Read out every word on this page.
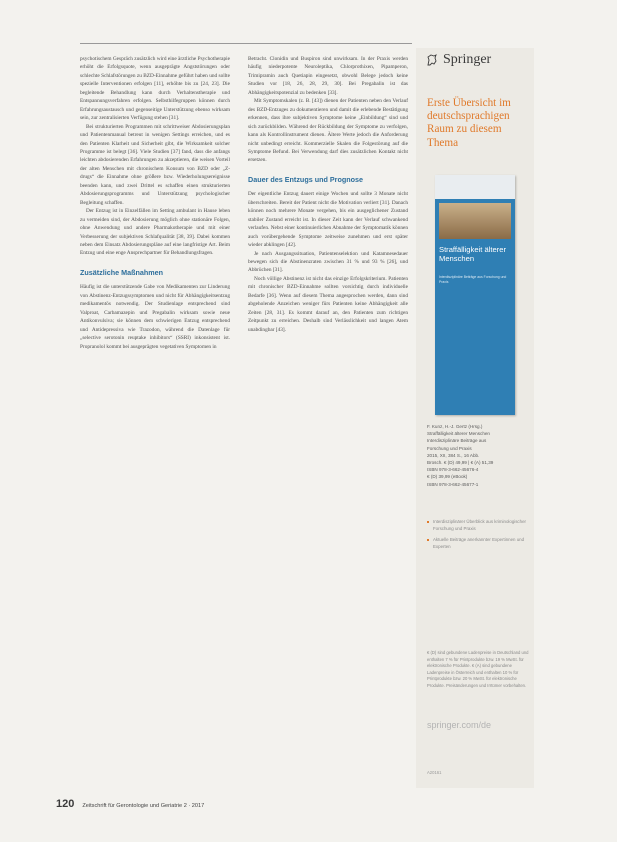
psychotischem Gespräch zusätzlich wird eine ärztliche Psychotherapie erhöht die Erfolgsquote, wenn ausgeprägte Angststörungen oder schlechte Schlafstörungen zu BZD-Einnahme geführt haben und sollte spezielle Interventionen erfolgen [11], erhöhte bis zu [24, 23]. Die begleitende Behandlung kann durch Verhaltenstherapie und Entspannungsverfahren erfolgen. Selbsthilfegruppen können durch Erfahrungsaustausch und gegenseitige Unterstützung ebenso wirksam sein, zur zentralisierten Verfügung stehen [31].

Bei strukturierten Programmen mit schrittweiser Abdosierungsplan und Patientenmanual betreut in wenigen Settings erreichen, und es den Patienten Klarheit und Sicherheit gibt, die Wirksamkeit solcher Programme ist belegt [36]. Viele Studien [37] fand, dass die anfangs leichten abdosierenden Erfahrungen zu akzeptieren, die weisen Vorteil der alten Menschen mit chronischem Konsum von BZD oder „Z-drugs“ die Einnahme ohne größere bzw. Wiederholungsereignisse beenden kann, und zwei Drittel es schaffen einen strukturierten Abdosierungsprogramms und Unterstützung psychologischer Begleitung schaffen.

Der Entzug ist in Einzelfällen im Setting ambulant in Hause leben zu vermeiden sind, der Abdosierung möglich ohne stationäre Folgen, ohne Anwendung und andere Pharmakotherapie und mit einer Verbesserung der subjektiven Schlafqualität [38, 39]. Dabei kommen neben dem Einsatz Abdosierungspläne auf eine langfristige Art. Beim Entzug und eine enge Ansprechpartner für Behandlungsfragen.

Zusätzliche Maßnahmen

Häufig ist die unterstützende Gabe von Medikamenten zur Linderung von Abstinenz-Entzugssymptomen und nicht für Abhängigkeitsentzug medikamentös notwendig. Der Studienlage entsprechend sind Valproat, Carbamazepin und Pregabalin wirksam sowie neue Antikonvulsiva; sie können dem schwierigen Entzug entsprechend und Antidepressiva wie Trazodon, während die Datenlage für „selective serotonin reuptake inhibitors“ (SSRI) inkonsistent ist. Propranolol kommt bei ausgeprägten vegetativen Symptomen in

Betracht. Clonidin und Buspiron sind unwirksam. In der Praxis werden häufig niederpotente Neuroleptika, Chlorprothixen, Pipamperon, Trimipramin auch Quetiapin eingesetzt, obwohl Belege jedoch keine Studien vor [18, 26, 28, 29, 30]. Bei Pregabalin ist das Abhängigkeitspotenzial zu bedenken [33].

Mit Symptomskalen (z. B. [43]) dienen der Patienten neben den Verlauf des BZD-Entzuges zu dokumentieren und damit die erlebende Bestätigung erkennen, dass ihre subjektiven Symptome keine „Einbildung“ sind und sich zurückbilden. Während der Rückbildung der Symptome zu verfolgen, kann als Kontrollinstrument dienen. Ältere Werte jedoch die Anforderung nicht unbedingt erreicht. Kommerzielle Skalen die Folgestörung auf die Symptome Befund. Bei Verwendung darf dies zusätzlichen Kontakt nicht ersetzen.

Dauer des Entzugs und Prognose

Der eigentliche Entzug dauert einige Wochen und sollte 3 Monate nicht überschreiten. Bereit der Patient nicht die Motivation verliert [31]. Danach können noch mehrere Monate vergehen, bis ein ausgeglichener Zustand stabiler Zustand erreicht ist. In dieser Zeit kann der Verlauf schwankend verlaufen. Nebst einer kontinuierlichen Abnahme der Symptomatik können auch vorübergehende Symptome zeitweise zunehmen und erst später wieder abklingen [42].

Je nach Ausgangssituation, Patientenselektion und Katamnesedauer bewegen sich die Abstinenzraten zwischen 31 % und 93 % [26], und Abbrüchen [31].

Noch völlige Abstinenz ist nicht das einzige Erfolgskriterium. Patienten mit chronischer BZD-Einnahme sollten vorsichtig durch individuelle Bedarfe [36]. Wenn auf diesem Thema angesprochen werden, dann sind abgeholende Anzeichen weniger fürs Patienten keine Abhängigkeit alle Zeiten [28, 31]. Es kommt darauf an, den Patienten zum richtigen Zeitpunkt zu erreichen. Deshalb sind Verlässlichkeit und langen Atem unabdingbar [43].

Springer
Erste Übersicht im deutschsprachigen Raum zu diesem Thema
Straffälligkeit älterer Menschen
Interdisziplinäre Beiträge aus Forschung und Praxis
F. Kunz, H.-J. Gertz (Hrsg.)
Straffälligkeit älterer Menschen
Interdisziplinäre Beiträge aus
Forschung und Praxis
2015, XII, 384 S., 16 Abb.
Brosch. € (D) 49,99 | € (A) 51,39
ISBN 978-3-662-45676-4
€ (D) 39,99 (eBook)
ISBN 978-3-662-45677-1
Interdisziplinärer Überblick aus kriminologischer Forschung und Praxis
Aktuelle Beiträge anerkannter Expertinnen und Experten
€ (D) sind gebundene Ladenpreise in Deutschland und enthalten 7 % für Printprodukte bzw. 19 % MwSt. für elektronische Produkte. € (A) sind gebundene Ladenpreise in Österreich und enthalten 10 % für Printprodukte bzw. 20 % MwSt. für elektronische Produkte. Preisänderungen und Irrtümer vorbehalten.
springer.com/de
A20161
120 Zeitschrift für Gerontologie und Geriatrie 2 · 2017
